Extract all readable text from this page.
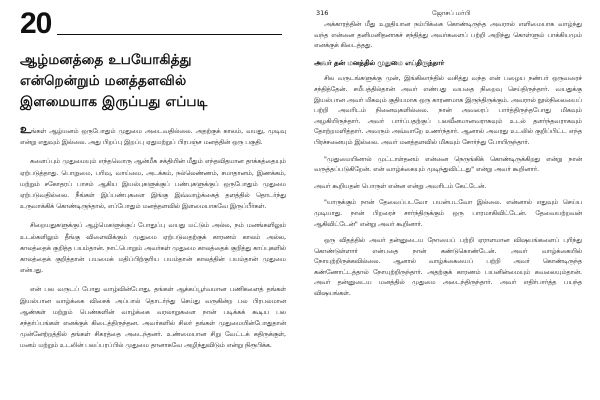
20
ஆழ்மனத்தை உபயோகித்து
என்றென்றும் மனத்தளவில்
இளமையாக இருப்பது எப்படி

உங்கள் ஆழ்மனம் ஒருபோதும் முதுமை அடைவதில்லை. அதற்குக் காலம், வயது, முடிவு என்று எதுவும் இல்லை. அது பிறப்பு இறப்பு ஏதுமற்றுப் பிரபஞ்ச மனத்தின் ஒரு பகுதி.

களைப்பும் முதுமையும் எந்தவொரு ஆன்மீக சக்தியின் மீதும் எந்தவிதமான தாக்கத்தையும் ஏற்படுத்தாது. பொறுமை, பரிவு, வாய்மை, அடக்கம், நல்லெண்ணம், சமாதானம், இணக்கம், மற்றும் சகோதரப் பாசம் ஆகிய இயல்புகளுக்குப் பண்புகளுக்குப் ஒருபோதும் முதுமை ஏற்படுவதில்லை. நீங்கள் இப்பண்புகளை இங்கு இவ்வாழ்க்கைத் தளத்தில் தொடர்ந்து உருவாக்கிக் கொண்டிருந்தால், எப்போதும் மனத்தளவில் இளமையாகவே இருப்பீர்கள்.

சிறையதுகளுக்குப் ஆழ்மெகளுக்குப் போதுப்பு வயது மட்டும் அல்ல, நம் மனங்களிலும் உடல்களிலும் தீங்கு விளைவிக்கும் முதுமை ஏற்படுவதற்குக் காரணம் காலம் அல்ல, காலத்தைக் குறித்த பயம்தான். நாட்பொறும் அவர்கள் முதுமை காலத்தைக் குறித்து காப்புகளில் காலத்தைக் குறித்தான் பயமைக் மதிப்பிற்குரிய பயம்தான் காலத்தின் பயம்தான் முதுமை என்பது.

என் பல வருடப் போது வாழ்வின்போது, தங்கள் ஆக்கப்பூர்வமான பணிகளைத் தங்கள் இயல்பான வாழ்க்கை விசைக் அப்பால் தொடர்ந்து செய்து வருகின்ற பல பிரபலமான ஆண்கள் மற்றும் பெண்களின் வாழ்க்கை வரலாறுகளை நான் படிக்கக் கூடிய பல சந்தர்ப்பங்கள் எனக்குக் கிடைத்திருந்தன. அவர்களில் சிலர் தங்கள் முதுமையின்போதுதான் முன்னேற்றத்தில் தங்கள் சிகரத்தை அடைந்தனர். உண்மையான சிறு வேட்டக் கதிருக்குள், மனம் மற்றும் உடலின் பலப்பரப்பில் முதுமை தானாகவே அழிந்துவிடும் என்று நிரூபிக்க.

316	ஜோசப் மர்பி

அக்காரத்தின் மீது உறுதியான நம்பிக்கை கொண்டிருந்த அவரால் எளிமையாக வாழ்ந்து வந்த என்னை தனிமனிதனாகச் சந்தித்து அவர்களைப் பற்றி அறிந்து கொள்ளும் பாக்கியமும் எனக்குக் கிடைத்தது.

அவர் தன் மனத்தில் முதுமை எய்திருந்தார்

சில வருடங்களுக்கு முன், இங்கிலாந்தில் வசித்து வந்த என் பழைய நண்பர் ஒருவரைச் சந்தித்தேன். சமீபத்தில்தான் அவர் எண்பது வயதை நிறைவு செய்திருந்தார். வயதுக்கு இயல்பான அவர் மிகவும் குதியமாக ஒரு காரணமாக இருந்திருக்கும். அவரால் நூல்நிலையைப் பற்றி அவரிடம் நினைவுகளில்லை. நான் அவரைப் பார்த்திருந்தபோது மிகவும் அழகியிருந்தார். அவர் பார்ப்பதற்குப் பலவீனமானவராகவும் உடல் தளர்ந்தவராகவும் தோற்றமளித்தார். அவரும் அவ்வாறே உணர்ந்தார். ஆனால் அவரது உடலில் குறிப்பிட்ட எந்த பிரச்சனையும் இல்லை. அவர் மனத்தளவில் மிகவும் சோர்ந்து போயிருந்தார்.

"முதுமையினால் முட்டாள்தனம் என்னை நெருங்கிக் கொண்டிருக்கிறது என்று நான் வருத்தப்படுகிறேன். என் வாழ்க்கையும் முடிந்துவிட்டது" என்று அவர் கூறினார்.

அவர் கூறியதன் பொருள் என்ன என்று அவரிடம் கேட்டேன்.

"யாருக்கும் நான் தேவைப்படவோ பயன்படவோ இல்லை. என்னால் எதுவும் செய்ய முடியாது. நான் பிறரைச் சார்ந்திருக்கும் ஒரு பாரமாகிவிட்டேன். தேவையற்றவன் ஆகிவிட்டேன்" என்று அவர் கூறினார்.

ஒரு விதத்தில் அவர் தன்னுடைய நோயைப் பற்றி ஏராளமான விஷயங்களைப் புரிந்து கொண்டுள்ளார் என்பதை நான் கண்டுகொண்டேன். அவர் வாழ்க்கையில் நோயுற்றிருக்கவில்லை. ஆனால் வாழ்க்கையைப் பற்றி அவர் கொண்டிருந்த கண்ணோட்டத்தால் நோயுற்றிருந்தார். அதற்குக் காரணம் பயனின்மையும் கவலையும்தான். அவர் தன்னுடைய மனத்தில் முதுமை அடைந்திருந்தார். அவர் எதிர்பார்த்த பயந்த விஷயங்கள்.
